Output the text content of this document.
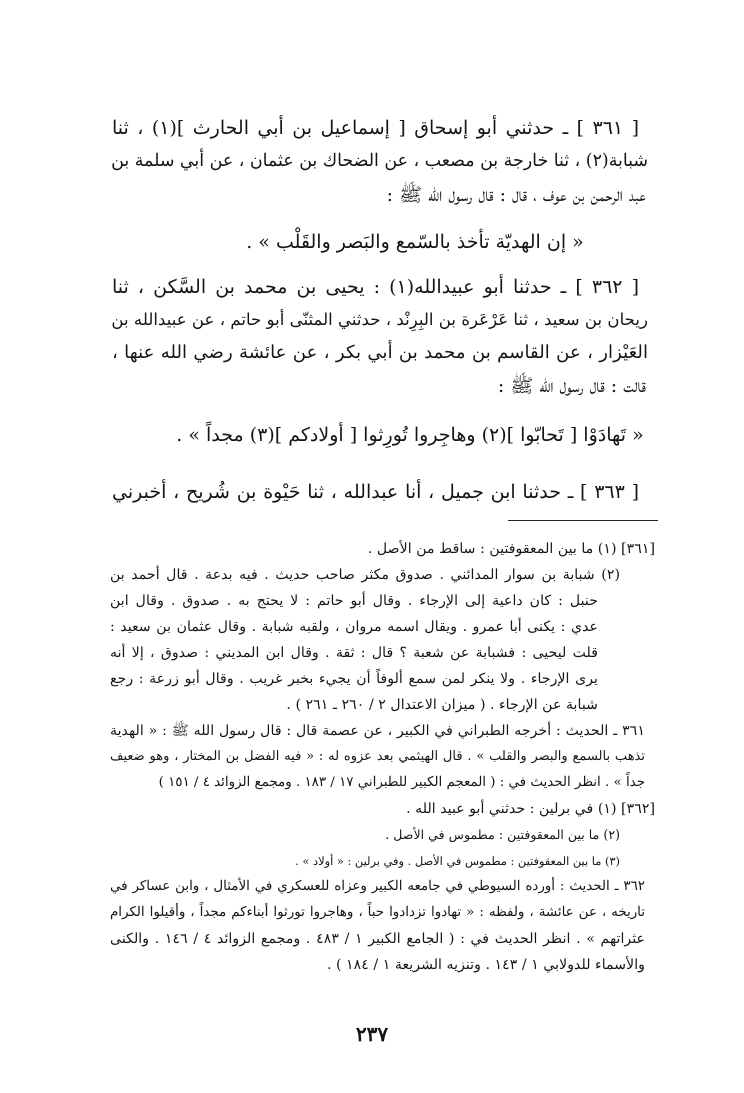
[ ٣٦١ ] ـ حدثني أبو إسحاق [ إسماعيل بن أبي الحارث ](١) ، ثنا
شبابة(٢) ، ثنا خارجة بن مصعب ، عن الضحاك بن عثمان ، عن أبي سلمة بن
عبد الرحمن بن عوف ، قال : قال رسول الله ﷺ :
« إن الهديّة تأخذ بالسّمع والبَصر والقَلْب » .
[ ٣٦٢ ] ـ حدثنا أبو عبيدالله(١) : يحيى بن محمد بن السَّكن ، ثنا
ريحان بن سعيد ، ثنا عَرْعَرة بن البِرِنْد ، حدثني المثنّى أبو حاتم ، عن عبيدالله بن
العَيْزار ، عن القاسم بن محمد بن أبي بكر ، عن عائشة رضي الله عنها ،
قالت : قال رسول الله ﷺ :
« تَهادَوْا [ تَحابّوا ](٢) وهاجِروا تُورِثوا [ أولادكم ](٣) مجداً » .
[ ٣٦٣ ] ـ حدثنا ابن جميل ، أنا عبدالله ، ثنا حَيْوة بن شُريح ، أخبرني
[٣٦١] (١) ما بين المعقوفتين : ساقط من الأصل .
(٢) شبابة بن سوار المدائني . صدوق مكثر صاحب حديث . فيه بدعة . قال أحمد بن
حنبل : كان داعية إلى الإرجاء . وقال أبو حاتم : لا يحتج به . صدوق . وقال ابن
عدي : يكنى أبا عمرو . ويقال اسمه مروان ، ولقبه شبابة . وقال عثمان بن سعيد :
قلت ليحيى : فشبابة عن شعبة ؟ قال : ثقة . وقال ابن المديني : صدوق ، إلا أنه
يرى الإرجاء . ولا ينكر لمن سمع ألوفاً أن يجيء بخبر غريب . وقال أبو زرعة : رجع
شبابة عن الإرجاء . ( ميزان الاعتدال ٢ / ٢٦٠ ـ ٢٦١ ) .
٣٦١ ـ الحديث : أخرجه الطبراني في الكبير ، عن عصمة قال : قال رسول الله ﷺ : « الهدية
تذهب بالسمع والبصر والقلب » . قال الهيثمي بعد عزوه له : « فيه الفضل بن المختار ، وهو ضعيف
جداً » . انظر الحديث في : ( المعجم الكبير للطبراني ١٧ / ١٨٣ . ومجمع الزوائد ٤ / ١٥١ )
[٣٦٢] (١) في برلين : حدثني أبو عبيد الله .
(٢) ما بين المعقوفتين : مطموس في الأصل .
(٣) ما بين المعقوفتين : مطموس في الأصل . وفي برلين : « أولاد » .
٣٦٢ ـ الحديث : أورده السيوطي في جامعه الكبير وعزاه للعسكري في الأمثال ، وابن عساكر في
تاريخه ، عن عائشة ، ولفظه : « تهادوا تزدادوا حباً ، وهاجروا تورثوا أبناءكم مجداً ، وأقيلوا الكرام
عثراتهم » . انظر الحديث في : ( الجامع الكبير ١ / ٤٨٣ . ومجمع الزوائد ٤ / ١٤٦ . والكنى
والأسماء للدولابي ١ / ١٤٣ . وتنزيه الشريعة ١ / ١٨٤ ) .
٢٣٧
